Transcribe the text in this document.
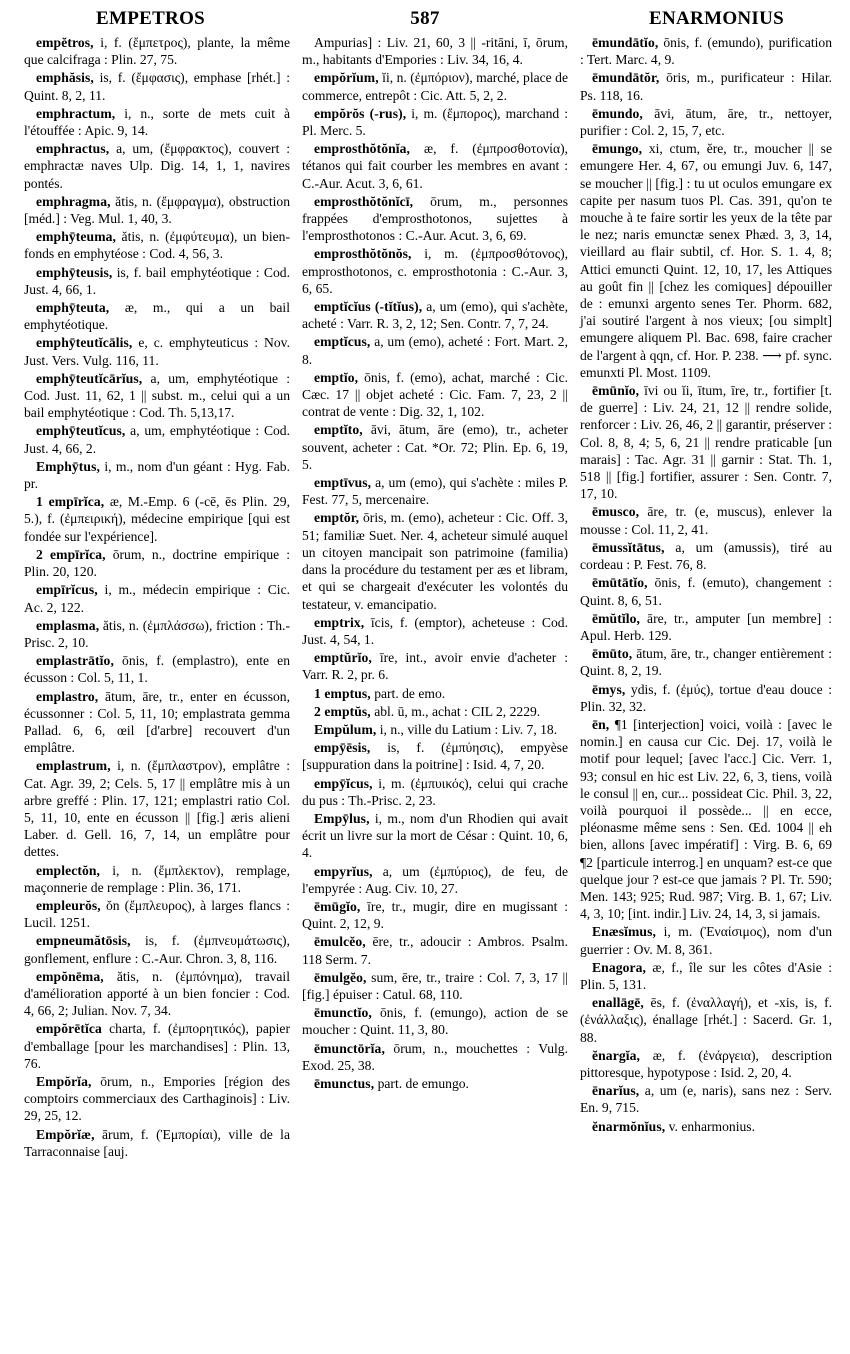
EMPETROS	587	ENARMONIUS

empĕtros, i, f. (ἔμπετρος), plante, la même que calcifraga : Plin. 27, 75.

emphăsis, is, f. (ἔμφασις), emphase [rhét.] : Quint. 8, 2, 11.

emphractum, i, n., sorte de mets cuit à l'étouffée : Apic. 9, 14.

emphractus, a, um, (ἔμφρακτος), couvert : emphractæ naves Ulp. Dig. 14, 1, 1, navires pontés.

emphragma, ătis, n. (ἔμφραγμα), obstruction [méd.] : Veg. Mul. 1, 40, 3.

emphȳteuma, ătis, n. (ἐμφύτευμα), un bien-fonds en emphytéose : Cod. 4, 56, 3.

emphȳteusis, is, f. bail emphytéotique : Cod. Just. 4, 66, 1.

emphȳteuta, æ, m., qui a un bail emphytéotique.

emphȳteutĭcālis, e, c. emphyteuticus : Nov. Just. Vers. Vulg. 116, 11.

emphȳteutĭcārĭus, a, um, emphytéotique : Cod. Just. 11, 62, 1 || subst. m., celui qui a un bail emphytéotique : Cod. Th. 5,13,17.

emphȳteutĭcus, a, um, emphytéotique : Cod. Just. 4, 66, 2.

Emphȳtus, i, m., nom d'un géant : Hyg. Fab. pr.

1 empīrĭca, æ, M.-Emp. 6 (-cē, ēs Plin. 29, 5.), f. (ἐμπειρική), médecine empirique [qui est fondée sur l'expérience].

2 empīrĭca, ōrum, n., doctrine empirique : Plin. 20, 120.

empīrĭcus, i, m., médecin empirique : Cic. Ac. 2, 122.

emplasma, ătis, n. (ἐμπλάσσω), friction : Th.-Prisc. 2, 10.

emplastrātĭo, ōnis, f. (emplastro), ente en écusson : Col. 5, 11, 1.

emplastro, ātum, āre, tr., enter en écusson, écussonner : Col. 5, 11, 10; emplastrata gemma Pallad. 6, 6, œil [d'arbre] recouvert d'un emplâtre.

emplastrum, i, n. (ἔμπλαστρον), emplâtre : Cat. Agr. 39, 2; Cels. 5, 17 || emplâtre mis à un arbre greffé : Plin. 17, 121; emplastri ratio Col. 5, 11, 10, ente en écusson || [fig.] æris alieni Laber. d. Gell. 16, 7, 14, un emplâtre pour dettes.

emplectŏn, i, n. (ἔμπλεκτον), remplage, maçonnerie de remplage : Plin. 36, 171.

empleurŏs, ŏn (ἔμπλευρος), à larges flancs : Lucil. 1251.

empneumătōsis, is, f. (ἐμπνευμάτωσις), gonflement, enflure : C.-Aur. Chron. 3, 8, 116.

empŏnēma, ătis, n. (ἐμπόνημα), travail d'amélioration apporté à un bien foncier : Cod. 4, 66, 2; Julian. Nov. 7, 34.

empŏrētĭca charta, f. (ἐμπορητικός), papier d'emballage [pour les marchandises] : Plin. 13, 76.

Empŏrĭa, ōrum, n., Empories [région des comptoirs commerciaux des Carthaginois] : Liv. 29, 25, 12.

Empŏrĭæ, ārum, f. (Ἐμπορίαι), ville de la Tarraconnaise [auj.

Ampurias] : Liv. 21, 60, 3 || -ritāni, ī, ōrum, m., habitants d'Empories : Liv. 34, 16, 4.

empŏrĭum, ĭi, n. (ἐμπόριον), marché, place de commerce, entrepôt : Cic. Att. 5, 2, 2.

empŏrŏs (-rus), i, m. (ἔμπορος), marchand : Pl. Merc. 5.

emprosthŏtŏnĭa, æ, f. (ἐμπροσθοτονία), tétanos qui fait courber les membres en avant : C.-Aur. Acut. 3, 6, 61.

emprosthŏtŏnĭcī, ōrum, m., personnes frappées d'emprosthotonos, sujettes à l'emprosthotonos : C.-Aur. Acut. 3, 6, 69.

emprosthŏtŏnŏs, i, m. (ἐμπροσθότονος), emprosthotonos, c. emprosthotonia : C.-Aur. 3, 6, 65.

emptĭcĭus (-tĭtĭus), a, um (emo), qui s'achète, acheté : Varr. R. 3, 2, 12; Sen. Contr. 7, 7, 24.

emptĭcus, a, um (emo), acheté : Fort. Mart. 2, 8.

emptĭo, ōnis, f. (emo), achat, marché : Cic. Cæc. 17 || objet acheté : Cic. Fam. 7, 23, 2 || contrat de vente : Dig. 32, 1, 102.

emptĭto, āvi, ātum, āre (emo), tr., acheter souvent, acheter : Cat. *Or. 72; Plin. Ep. 6, 19, 5.

emptīvus, a, um (emo), qui s'achète : miles P. Fest. 77, 5, mercenaire.

emptŏr, ōris, m. (emo), acheteur : Cic. Off. 3, 51; familiæ Suet. Ner. 4, acheteur simulé auquel un citoyen mancipait son patrimoine (familia) dans la procédure du testament per æs et libram, et qui se chargeait d'exécuter les volontés du testateur, v. emancipatio.

emptrix, īcis, f. (emptor), acheteuse : Cod. Just. 4, 54, 1.

emptŭrĭo, īre, int., avoir envie d'acheter : Varr. R. 2, pr. 6.

1 emptus, part. de emo.

2 emptŭs, abl. ū, m., achat : CIL 2, 2229.

Empŭlum, i, n., ville du Latium : Liv. 7, 18.

empȳēsis, is, f. (ἐμπύησις), empyèse [suppuration dans la poitrine] : Isid. 4, 7, 20.

empȳĭcus, i, m. (ἐμπυικός), celui qui crache du pus : Th.-Prisc. 2, 23.

Empȳlus, i, m., nom d'un Rhodien qui avait écrit un livre sur la mort de César : Quint. 10, 6, 4.

empyrĭus, a, um (ἐμπύριος), de feu, de l'empyrée : Aug. Civ. 10, 27.

ēmūgĭo, īre, tr., mugir, dire en mugissant : Quint. 2, 12, 9.

ēmulcĕo, ēre, tr., adoucir : Ambros. Psalm. 118 Serm. 7.

ēmulgĕo, sum, ēre, tr., traire : Col. 7, 3, 17 || [fig.] épuiser : Catul. 68, 110.

ēmunctĭo, ōnis, f. (emungo), action de se moucher : Quint. 11, 3, 80.

ēmunctōrĭa, ōrum, n., mouchettes : Vulg. Exod. 25, 38.

ēmunctus, part. de emungo.

ēmundātĭo, ōnis, f. (emundo), purification : Tert. Marc. 4, 9.

ēmundātŏr, ōris, m., purificateur : Hilar. Ps. 118, 16.

ēmundo, āvi, ātum, āre, tr., nettoyer, purifier : Col. 2, 15, 7, etc.

ēmungo, xi, ctum, ĕre, tr., moucher || se emungere Her. 4, 67, ou emungi Juv. 6, 147, se moucher || [fig.] : tu ut oculos emungare ex capite per nasum tuos Pl. Cas. 391, qu'on te mouche à te faire sortir les yeux de la tête par le nez; naris emunctæ senex Phæd. 3, 3, 14, vieillard au flair subtil, cf. Hor. S. 1. 4, 8; Attici emuncti Quint. 12, 10, 17, les Attiques au goût fin || [chez les comiques] dépouiller de : emunxi argento senes Ter. Phorm. 682, j'ai soutiré l'argent à nos vieux; [ou simplt] emungere aliquem Pl. Bac. 698, faire cracher de l'argent à qqn, cf. Hor. P. 238. ⟶ pf. sync. emunxti Pl. Most. 1109.

ēmūnĭo, īvi ou ĭi, ītum, īre, tr., fortifier [t. de guerre] : Liv. 24, 21, 12 || rendre solide, renforcer : Liv. 26, 46, 2 || garantir, préserver : Col. 8, 8, 4; 5, 6, 21 || rendre praticable [un marais] : Tac. Agr. 31 || garnir : Stat. Th. 1, 518 || [fig.] fortifier, assurer : Sen. Contr. 7, 17, 10.

ēmusco, āre, tr. (e, muscus), enlever la mousse : Col. 11, 2, 41.

ēmussĭtātus, a, um (amussis), tiré au cordeau : P. Fest. 76, 8.

ēmūtātĭo, ōnis, f. (emuto), changement : Quint. 8, 6, 51.

ēmŭtĭlo, āre, tr., amputer [un membre] : Apul. Herb. 129.

ēmūto, ātum, āre, tr., changer entièrement : Quint. 8, 2, 19.

ēmys, ydis, f. (ἐμύς), tortue d'eau douce : Plin. 32, 32.

ēn, ¶1 [interjection] voici, voilà : [avec le nomin.] en causa cur Cic. Dej. 17, voilà le motif pour lequel; [avec l'acc.] Cic. Verr. 1, 93; consul en hic est Liv. 22, 6, 3, tiens, voilà le consul || en, cur... possideat Cic. Phil. 3, 22, voilà pourquoi il possède... || en ecce, pléonasme même sens : Sen. Œd. 1004 || eh bien, allons [avec impératif] : Virg. B. 6, 69 ¶2 [particule interrog.] en unquam? est-ce que quelque jour ? est-ce que jamais ? Pl. Tr. 590; Men. 143; 925; Rud. 987; Virg. B. 1, 67; Liv. 4, 3, 10; [int. indir.] Liv. 24, 14, 3, si jamais.

Enæsĭmus, i, m. (Ἐναίσιμος), nom d'un guerrier : Ov. M. 8, 361.

Enagora, æ, f., île sur les côtes d'Asie : Plin. 5, 131.

enallāgē, ēs, f. (ἐναλλαγή), et -xis, is, f. (ἐνάλλαξις), énallage [rhét.] : Sacerd. Gr. 1, 88.

ĕnargĭa, æ, f. (ἐνάργεια), description pittoresque, hypotypose : Isid. 2, 20, 4.

ēnarĭus, a, um (e, naris), sans nez : Serv. En. 9, 715.

ĕnarmŏnĭus, v. enharmonius.
